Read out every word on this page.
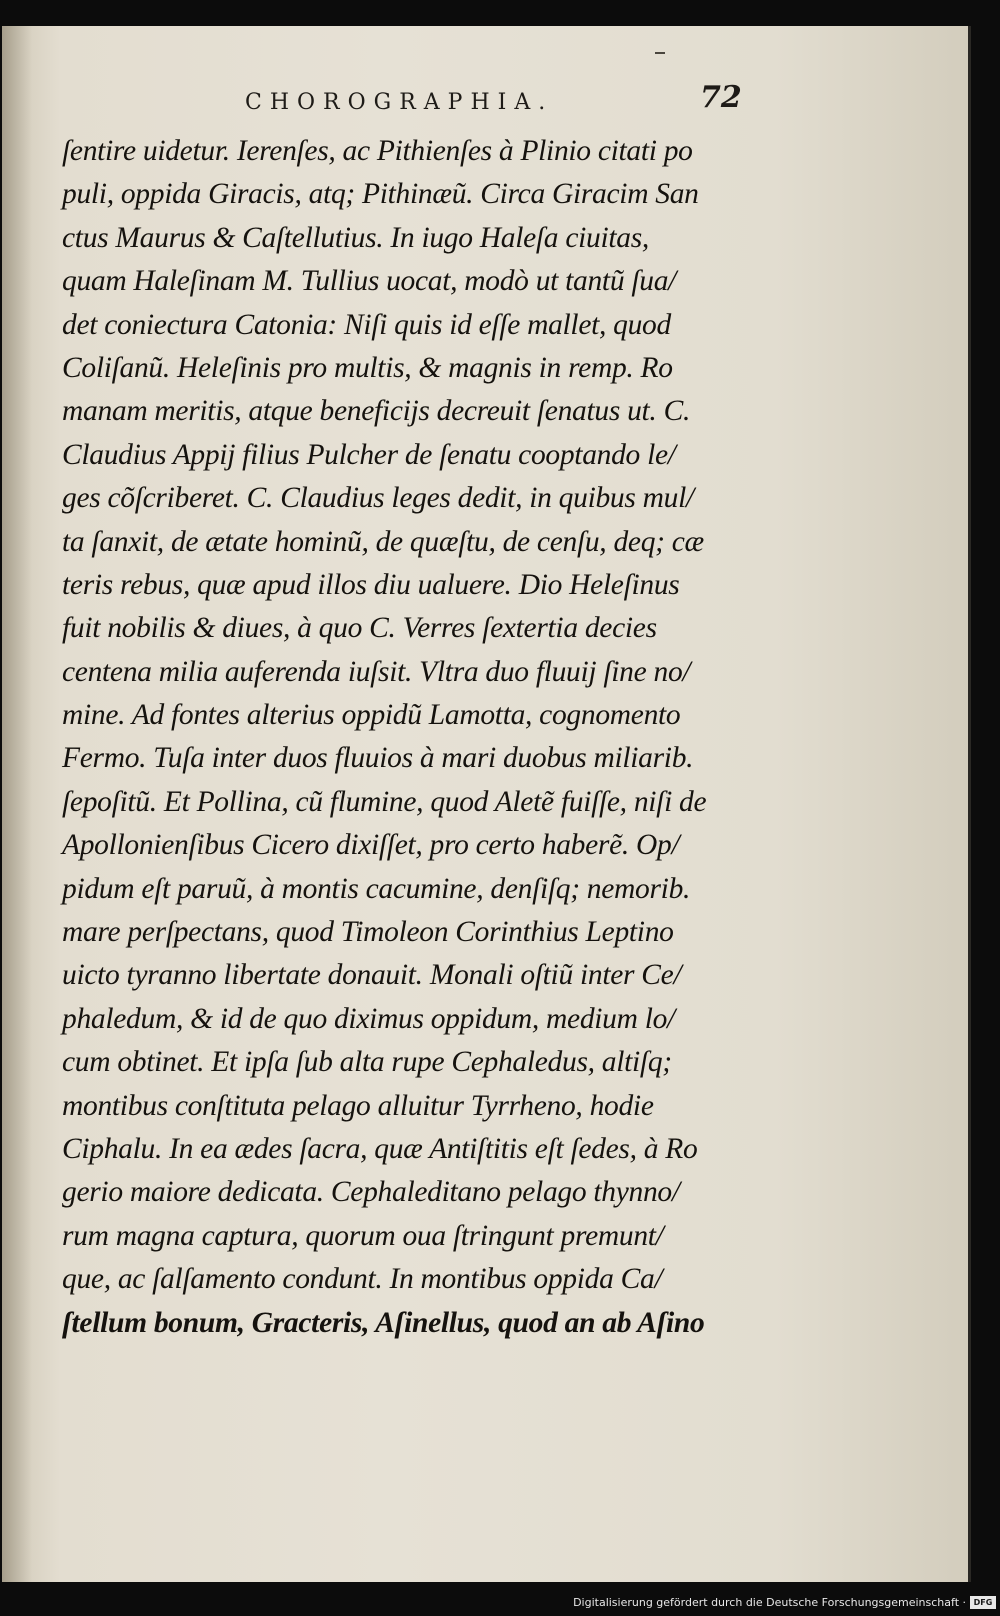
CHOROGRAPHIA.	72
ſentire uidetur. Ierenſes, ac Pithienſes à Plinio citati po
puli, oppida Giracis, atq; Pithinæũ. Circa Giracim San
ctus Maurus & Caſtellutius. In iugo Haleſa ciuitas,
quam Haleſinam M. Tullius uocat, modò ut tantũ ſua/
det coniectura Catonia: Niſi quis id eſſe mallet, quod
Coliſanũ. Heleſinis pro multis, & magnis in remp. Ro
manam meritis, atque beneficijs decreuit ſenatus ut. C.
Claudius Appij filius Pulcher de ſenatu cooptando le/
ges cõſcriberet. C. Claudius leges dedit, in quibus mul/
ta ſanxit, de ætate hominũ, de quæſtu, de cenſu, deq; cæ
teris rebus, quæ apud illos diu ualuere. Dio Heleſinus
fuit nobilis & diues, à quo C. Verres ſextertia decies
centena milia auferenda iuſsit. Vltra duo fluuij ſine no/
mine. Ad fontes alterius oppidũ Lamotta, cognomento
Fermo. Tuſa inter duos fluuios à mari duobus miliarib.
ſepoſitũ. Et Pollina, cũ flumine, quod Aletẽ fuiſſe, niſi de
Apollonienſibus Cicero dixiſſet, pro certo haberẽ. Op/
pidum eſt paruũ, à montis cacumine, denſiſq; nemorib.
mare perſpectans, quod Timoleon Corinthius Leptino
uicto tyranno libertate donauit. Monali oſtiũ inter Ce/
phaledum, & id de quo diximus oppidum, medium lo/
cum obtinet. Et ipſa ſub alta rupe Cephaledus, altiſq;
montibus conſtituta pelago alluitur Tyrrheno, hodie
Ciphalu. In ea ædes ſacra, quæ Antiſtitis eſt ſedes, à Ro
gerio maiore dedicata. Cephaleditano pelago thynno/
rum magna captura, quorum oua ſtringunt premunt/
que, ac ſalſamento condunt. In montibus oppida Ca/
ſtellum bonum, Gracteris, Aſinellus, quod an ab Aſino
Digitalisierung gefördert durch die Deutsche Forschungsgemeinschaft · DFG
